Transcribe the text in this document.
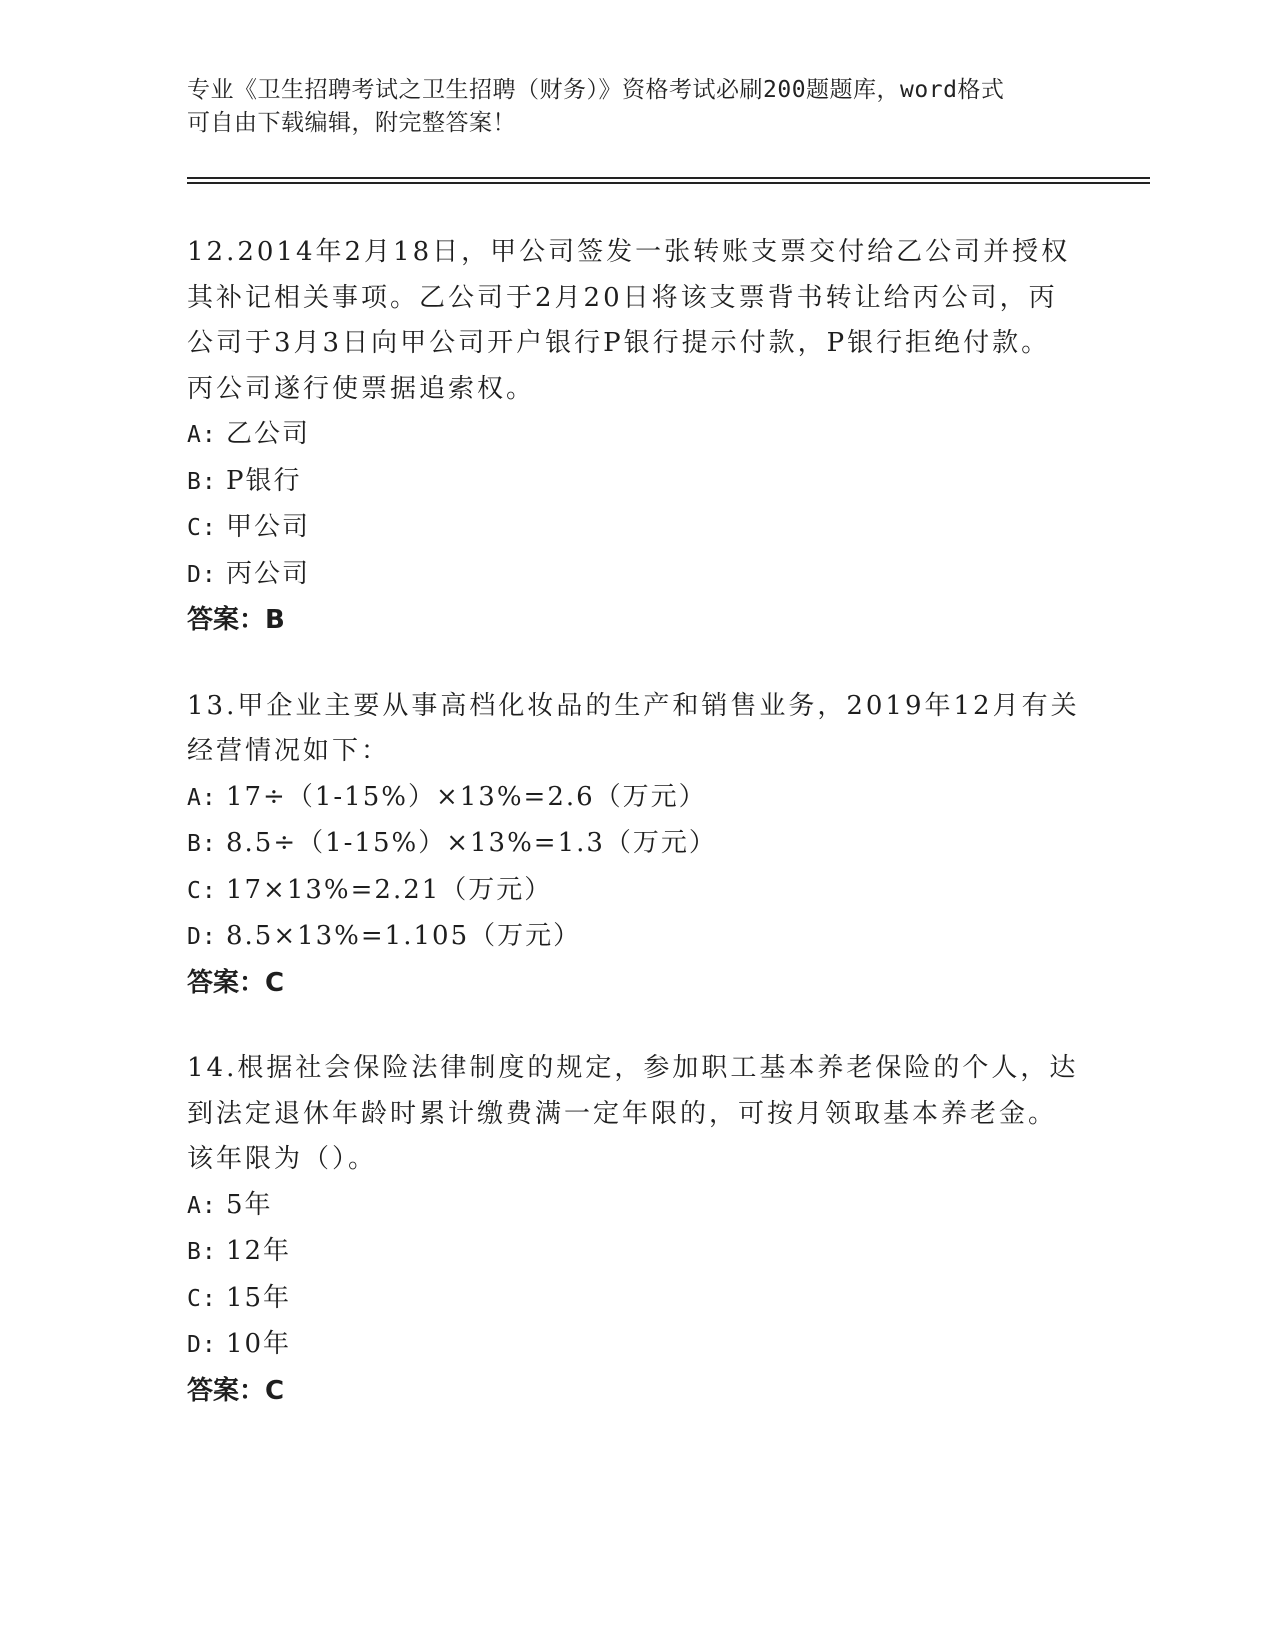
专业《卫生招聘考试之卫生招聘（财务）》资格考试必刷200题题库，word格式
可自由下载编辑，附完整答案！
12.2014年2月18日，甲公司签发一张转账支票交付给乙公司并授权
其补记相关事项。乙公司于2月20日将该支票背书转让给丙公司，丙
公司于3月3日向甲公司开户银行P银行提示付款，P银行拒绝付款。
丙公司遂行使票据追索权。
A: 乙公司
B: P银行
C: 甲公司
D: 丙公司
答案：B
13.甲企业主要从事高档化妆品的生产和销售业务，2019年12月有关
经营情况如下：
A: 17÷（1-15%）×13%=2.6（万元）
B: 8.5÷（1-15%）×13%=1.3（万元）
C: 17×13%=2.21（万元）
D: 8.5×13%=1.105（万元）
答案：C
14.根据社会保险法律制度的规定，参加职工基本养老保险的个人，达
到法定退休年龄时累计缴费满一定年限的，可按月领取基本养老金。
该年限为（）。
A: 5年
B: 12年
C: 15年
D: 10年
答案：C
